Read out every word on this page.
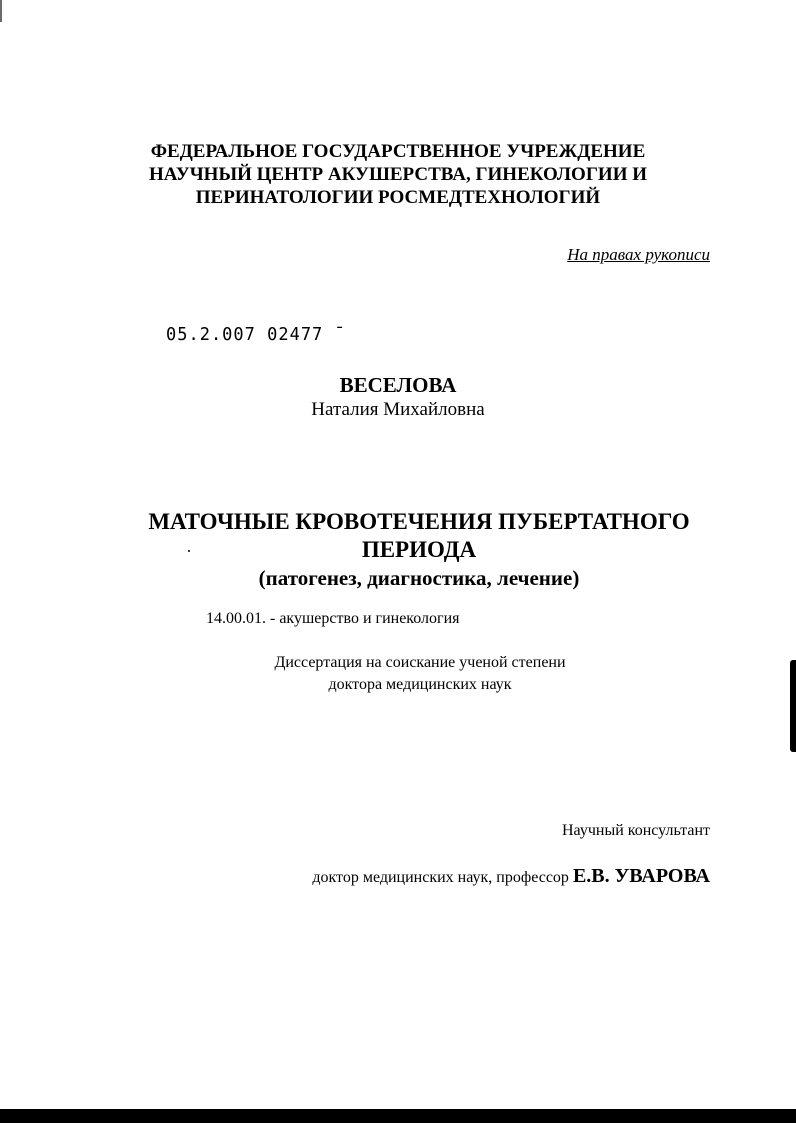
ФЕДЕРАЛЬНОЕ ГОСУДАРСТВЕННОЕ УЧРЕЖДЕНИЕ
НАУЧНЫЙ ЦЕНТР АКУШЕРСТВА, ГИНЕКОЛОГИИ И
ПЕРИНАТОЛОГИИ РОСМЕДТЕХНОЛОГИЙ
На правах рукописи
05.2.007 02477 ˉ
ВЕСЕЛОВА
Наталия Михайловна
МАТОЧНЫЕ КРОВОТЕЧЕНИЯ ПУБЕРТАТНОГО
ПЕРИОДА
(патогенез, диагностика, лечение)
14.00.01. - акушерство и гинекология
Диссертация на соискание ученой степени
доктора медицинских наук
Научный консультант
доктор медицинских наук, профессор Е.В. УВАРОВА
